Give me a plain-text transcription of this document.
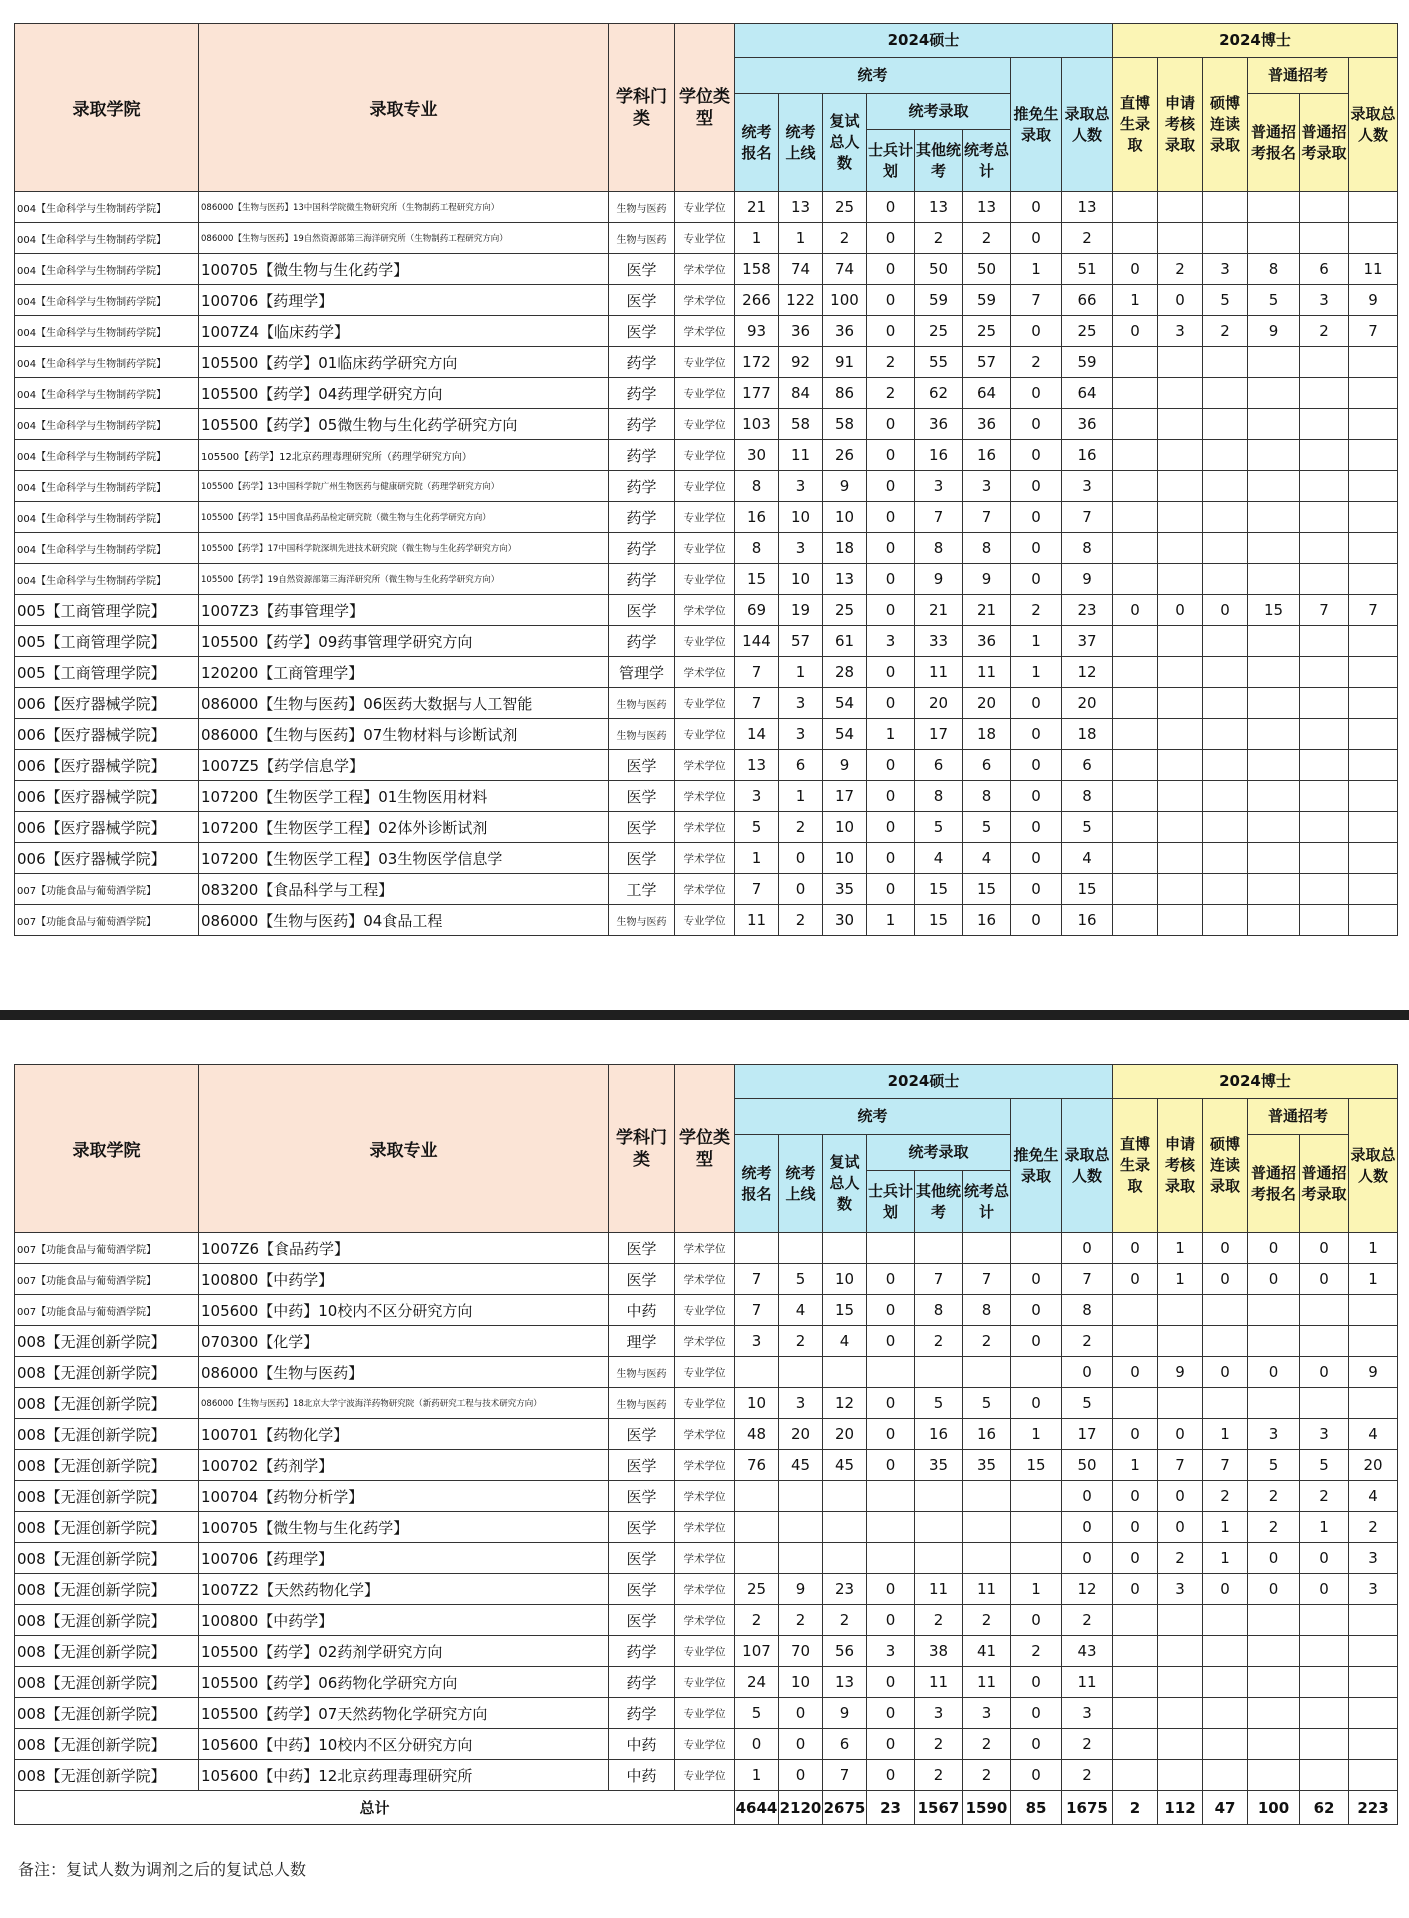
录取学院	录取专业	学科门类	学位类型	2024硕士								2024博士					
				统考						推免生录取	录取总人数	直博生录取	申请考核录取	硕博连读录取	普通招考		录取总人数
				统考报名	统考上线	复试总人数	统考录取								普通招考报名	普通招考录取	
							士兵计划	其他统考	统考总计								
004【生命科学与生物制药学院】	086000【生物与医药】13中国科学院微生物研究所（生物制药工程研究方向）	生物与医药	专业学位	21	13	25	0	13	13	0	13						
004【生命科学与生物制药学院】	086000【生物与医药】19自然资源部第三海洋研究所（生物制药工程研究方向）	生物与医药	专业学位	1	1	2	0	2	2	0	2						
004【生命科学与生物制药学院】	100705【微生物与生化药学】	医学	学术学位	158	74	74	0	50	50	1	51	0	2	3	8	6	11
004【生命科学与生物制药学院】	100706【药理学】	医学	学术学位	266	122	100	0	59	59	7	66	1	0	5	5	3	9
004【生命科学与生物制药学院】	1007Z4【临床药学】	医学	学术学位	93	36	36	0	25	25	0	25	0	3	2	9	2	7
004【生命科学与生物制药学院】	105500【药学】01临床药学研究方向	药学	专业学位	172	92	91	2	55	57	2	59						
004【生命科学与生物制药学院】	105500【药学】04药理学研究方向	药学	专业学位	177	84	86	2	62	64	0	64						
004【生命科学与生物制药学院】	105500【药学】05微生物与生化药学研究方向	药学	专业学位	103	58	58	0	36	36	0	36						
004【生命科学与生物制药学院】	105500【药学】12北京药理毒理研究所（药理学研究方向）	药学	专业学位	30	11	26	0	16	16	0	16						
004【生命科学与生物制药学院】	105500【药学】13中国科学院广州生物医药与健康研究院（药理学研究方向）	药学	专业学位	8	3	9	0	3	3	0	3						
004【生命科学与生物制药学院】	105500【药学】15中国食品药品检定研究院（微生物与生化药学研究方向）	药学	专业学位	16	10	10	0	7	7	0	7						
004【生命科学与生物制药学院】	105500【药学】17中国科学院深圳先进技术研究院（微生物与生化药学研究方向）	药学	专业学位	8	3	18	0	8	8	0	8						
004【生命科学与生物制药学院】	105500【药学】19自然资源部第三海洋研究所（微生物与生化药学研究方向）	药学	专业学位	15	10	13	0	9	9	0	9						
005【工商管理学院】	1007Z3【药事管理学】	医学	学术学位	69	19	25	0	21	21	2	23	0	0	0	15	7	7
005【工商管理学院】	105500【药学】09药事管理学研究方向	药学	专业学位	144	57	61	3	33	36	1	37						
005【工商管理学院】	120200【工商管理学】	管理学	学术学位	7	1	28	0	11	11	1	12						
006【医疗器械学院】	086000【生物与医药】06医药大数据与人工智能	生物与医药	专业学位	7	3	54	0	20	20	0	20						
006【医疗器械学院】	086000【生物与医药】07生物材料与诊断试剂	生物与医药	专业学位	14	3	54	1	17	18	0	18						
006【医疗器械学院】	1007Z5【药学信息学】	医学	学术学位	13	6	9	0	6	6	0	6						
006【医疗器械学院】	107200【生物医学工程】01生物医用材料	医学	学术学位	3	1	17	0	8	8	0	8						
006【医疗器械学院】	107200【生物医学工程】02体外诊断试剂	医学	学术学位	5	2	10	0	5	5	0	5						
006【医疗器械学院】	107200【生物医学工程】03生物医学信息学	医学	学术学位	1	0	10	0	4	4	0	4						
007【功能食品与葡萄酒学院】	083200【食品科学与工程】	工学	学术学位	7	0	35	0	15	15	0	15						
007【功能食品与葡萄酒学院】	086000【生物与医药】04食品工程	生物与医药	专业学位	11	2	30	1	15	16	0	16						
录取学院	录取专业	学科门类	学位类型	2024硕士								2024博士					
				统考						推免生录取	录取总人数	直博生录取	申请考核录取	硕博连读录取	普通招考		录取总人数
				统考报名	统考上线	复试总人数	统考录取								普通招考报名	普通招考录取	
							士兵计划	其他统考	统考总计								
007【功能食品与葡萄酒学院】	1007Z6【食品药学】	医学	学术学位								0	0	1	0	0	0	1
007【功能食品与葡萄酒学院】	100800【中药学】	医学	学术学位	7	5	10	0	7	7	0	7	0	1	0	0	0	1
007【功能食品与葡萄酒学院】	105600【中药】10校内不区分研究方向	中药	专业学位	7	4	15	0	8	8	0	8						
008【无涯创新学院】	070300【化学】	理学	学术学位	3	2	4	0	2	2	0	2						
008【无涯创新学院】	086000【生物与医药】	生物与医药	专业学位								0	0	9	0	0	0	9
008【无涯创新学院】	086000【生物与医药】18北京大学宁波海洋药物研究院（新药研究工程与技术研究方向）	生物与医药	专业学位	10	3	12	0	5	5	0	5						
008【无涯创新学院】	100701【药物化学】	医学	学术学位	48	20	20	0	16	16	1	17	0	0	1	3	3	4
008【无涯创新学院】	100702【药剂学】	医学	学术学位	76	45	45	0	35	35	15	50	1	7	7	5	5	20
008【无涯创新学院】	100704【药物分析学】	医学	学术学位								0	0	0	2	2	2	4
008【无涯创新学院】	100705【微生物与生化药学】	医学	学术学位								0	0	0	1	2	1	2
008【无涯创新学院】	100706【药理学】	医学	学术学位								0	0	2	1	0	0	3
008【无涯创新学院】	1007Z2【天然药物化学】	医学	学术学位	25	9	23	0	11	11	1	12	0	3	0	0	0	3
008【无涯创新学院】	100800【中药学】	医学	学术学位	2	2	2	0	2	2	0	2						
008【无涯创新学院】	105500【药学】02药剂学研究方向	药学	专业学位	107	70	56	3	38	41	2	43						
008【无涯创新学院】	105500【药学】06药物化学研究方向	药学	专业学位	24	10	13	0	11	11	0	11						
008【无涯创新学院】	105500【药学】07天然药物化学研究方向	药学	专业学位	5	0	9	0	3	3	0	3						
008【无涯创新学院】	105600【中药】10校内不区分研究方向	中药	专业学位	0	0	6	0	2	2	0	2						
008【无涯创新学院】	105600【中药】12北京药理毒理研究所	中药	专业学位	1	0	7	0	2	2	0	2						
总计				4644	2120	2675	23	1567	1590	85	1675	2	112	47	100	62	223
备注：复试人数为调剂之后的复试总人数
